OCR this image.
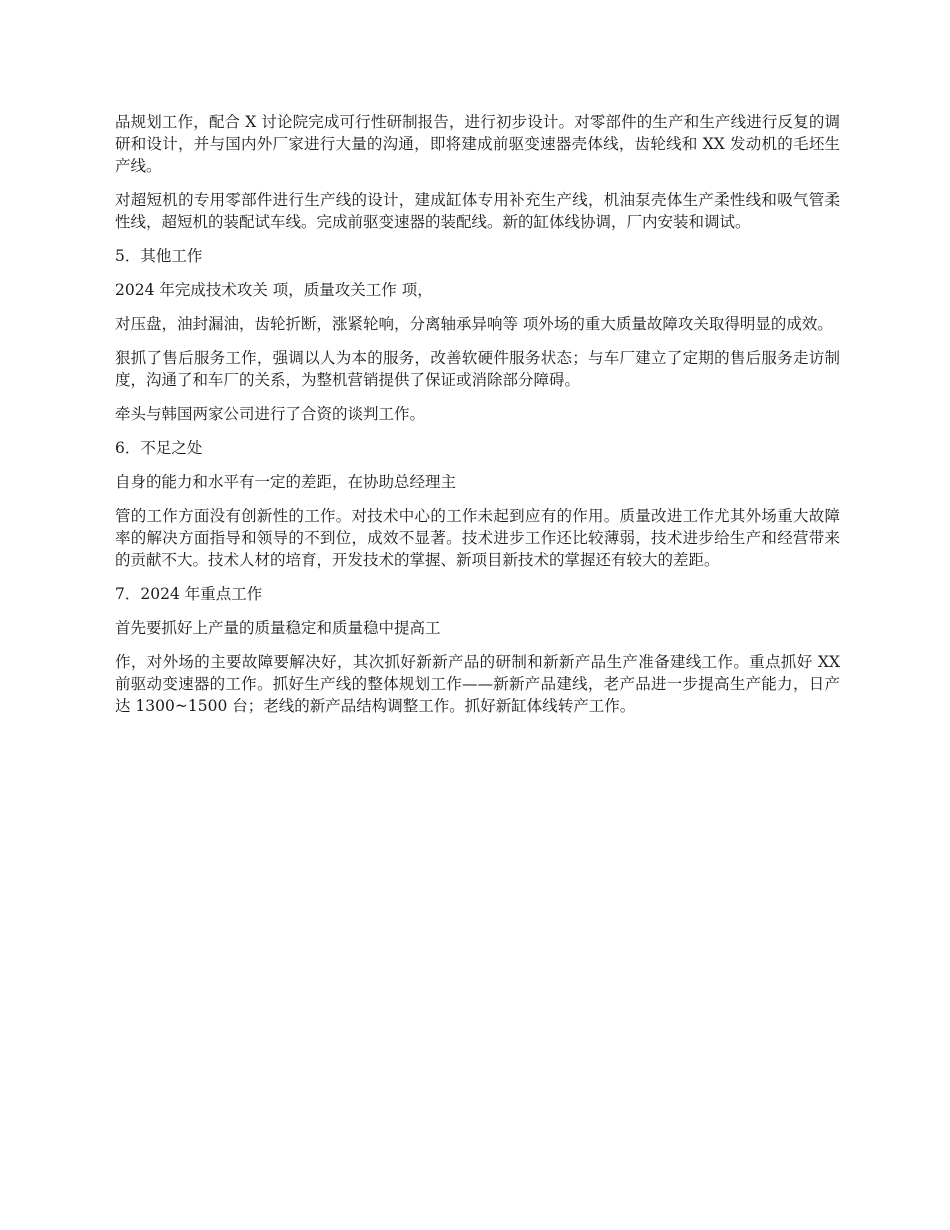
品规划工作，配合 X 讨论院完成可行性研制报告，进行初步设计。对零部件的生产和生产线进行反复的调研和设计，并与国内外厂家进行大量的沟通，即将建成前驱变速器壳体线，齿轮线和 XX 发动机的毛坯生产线。

对超短机的专用零部件进行生产线的设计，建成缸体专用补充生产线，机油泵壳体生产柔性线和吸气管柔性线，超短机的装配试车线。完成前驱变速器的装配线。新的缸体线协调，厂内安装和调试。

5．其他工作

2024 年完成技术攻关 项，质量攻关工作 项，

对压盘，油封漏油，齿轮折断，涨紧轮响，分离轴承异响等 项外场的重大质量故障攻关取得明显的成效。

狠抓了售后服务工作，强调以人为本的服务，改善软硬件服务状态；与车厂建立了定期的售后服务走访制度，沟通了和车厂的关系，为整机营销提供了保证或消除部分障碍。

牵头与韩国两家公司进行了合资的谈判工作。

6．不足之处

自身的能力和水平有一定的差距，在协助总经理主

管的工作方面没有创新性的工作。对技术中心的工作未起到应有的作用。质量改进工作尤其外场重大故障率的解决方面指导和领导的不到位，成效不显著。技术进步工作还比较薄弱，技术进步给生产和经营带来的贡献不大。技术人材的培育，开发技术的掌握、新项目新技术的掌握还有较大的差距。

7．2024 年重点工作

首先要抓好上产量的质量稳定和质量稳中提高工

作，对外场的主要故障要解决好，其次抓好新新产品的研制和新新产品生产准备建线工作。重点抓好 XX 前驱动变速器的工作。抓好生产线的整体规划工作——新新产品建线，老产品进一步提高生产能力，日产达 1300~1500 台；老线的新产品结构调整工作。抓好新缸体线转产工作。
